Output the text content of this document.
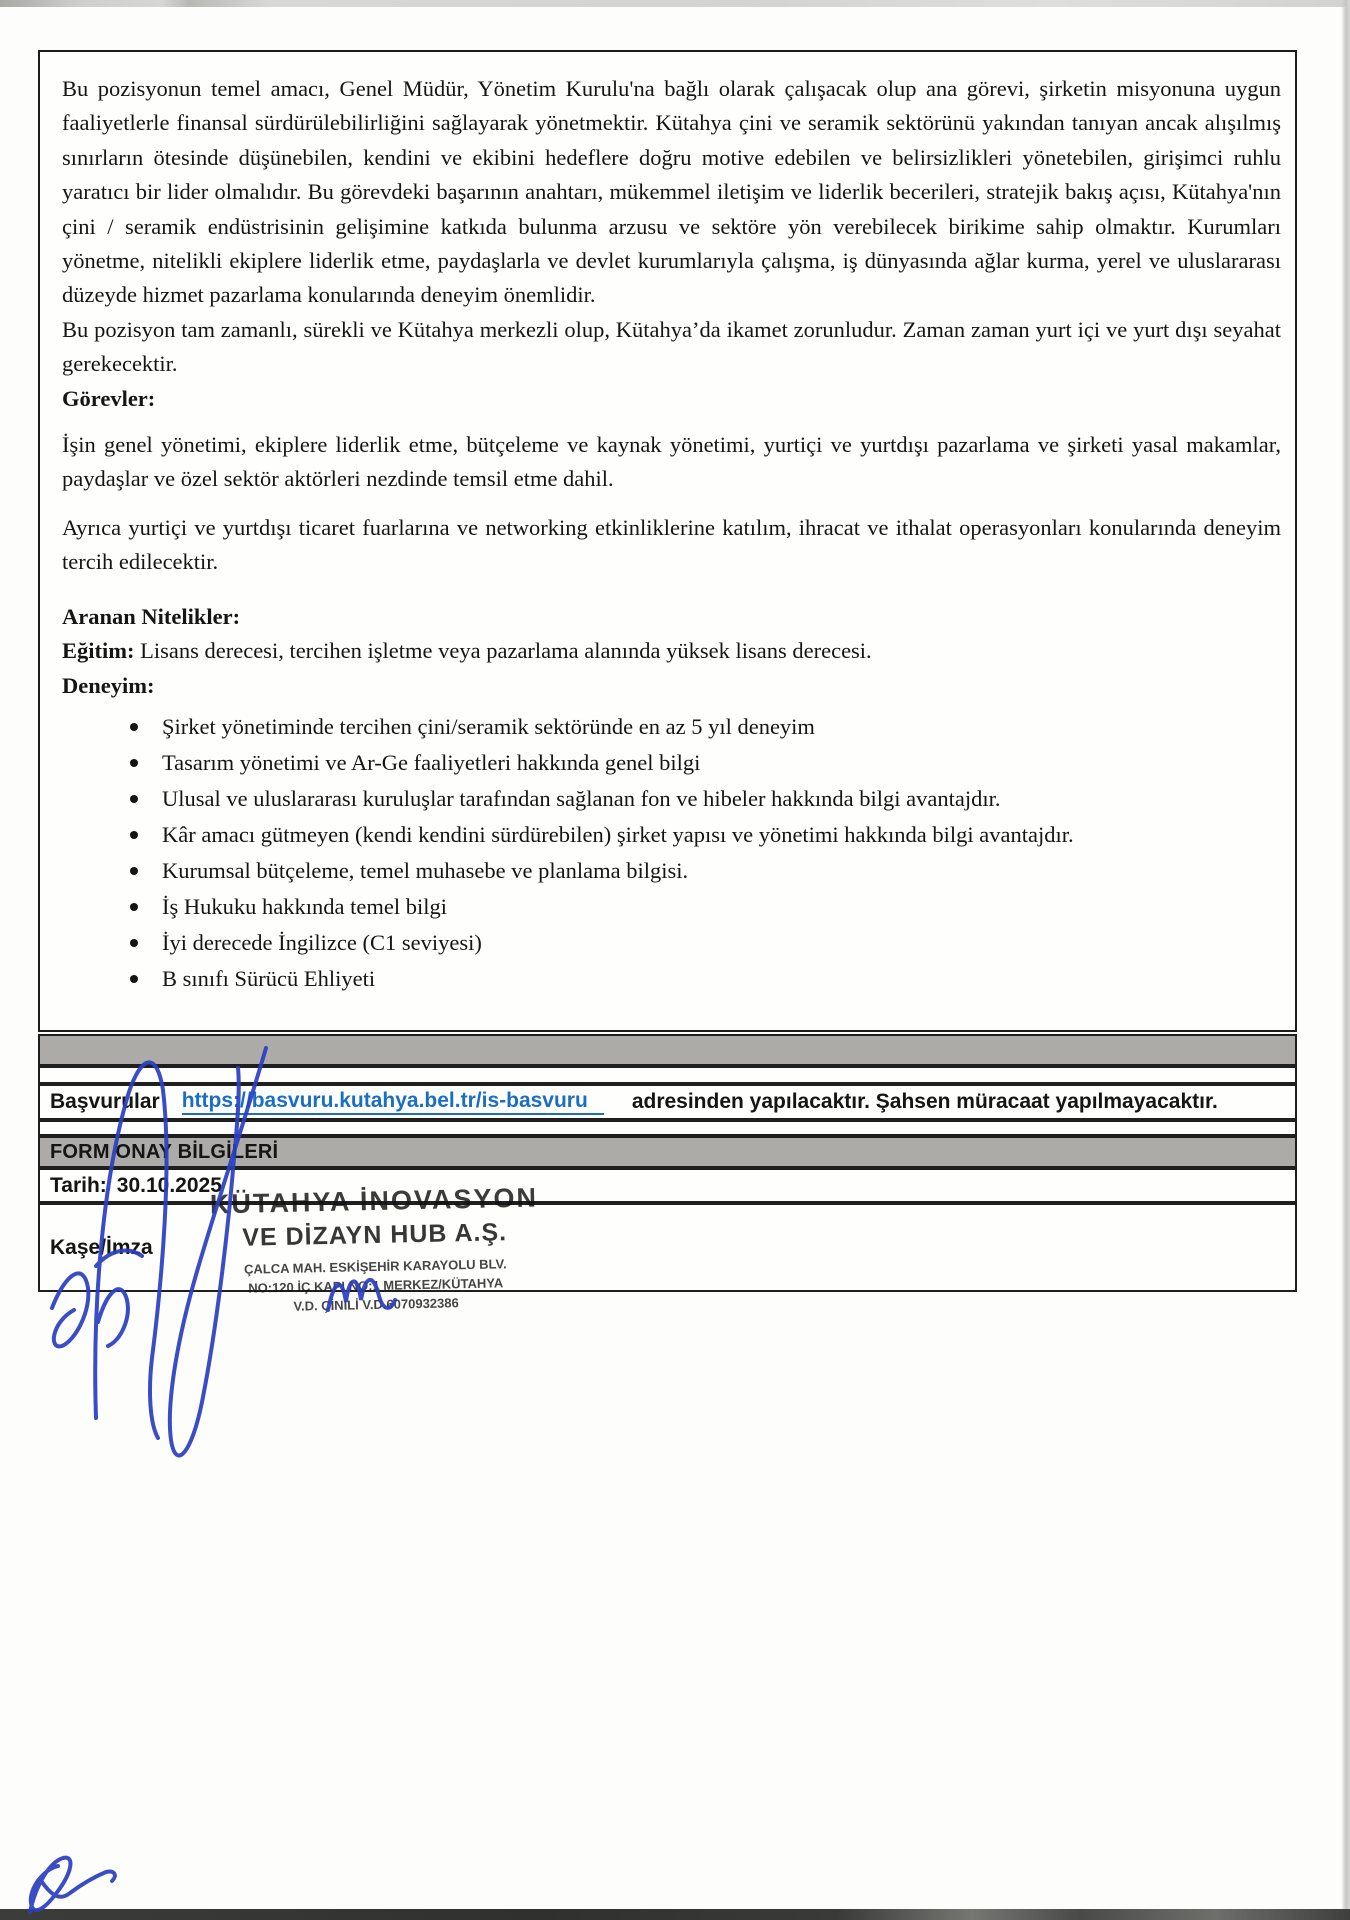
Bu pozisyonun temel amacı, Genel Müdür, Yönetim Kurulu'na bağlı olarak çalışacak olup ana görevi, şirketin misyonuna uygun faaliyetlerle finansal sürdürülebilirliğini sağlayarak yönetmektir. Kütahya çini ve seramik sektörünü yakından tanıyan ancak alışılmış sınırların ötesinde düşünebilen, kendini ve ekibini hedeflere doğru motive edebilen ve belirsizlikleri yönetebilen, girişimci ruhlu yaratıcı bir lider olmalıdır. Bu görevdeki başarının anahtarı, mükemmel iletişim ve liderlik becerileri, stratejik bakış açısı, Kütahya'nın çini / seramik endüstrisinin gelişimine katkıda bulunma arzusu ve sektöre yön verebilecek birikime sahip olmaktır. Kurumları yönetme, nitelikli ekiplere liderlik etme, paydaşlarla ve devlet kurumlarıyla çalışma, iş dünyasında ağlar kurma, yerel ve uluslararası düzeyde hizmet pazarlama konularında deneyim önemlidir.

Bu pozisyon tam zamanlı, sürekli ve Kütahya merkezli olup, Kütahya’da ikamet zorunludur. Zaman zaman yurt içi ve yurt dışı seyahat gerekecektir.

Görevler:

İşin genel yönetimi, ekiplere liderlik etme, bütçeleme ve kaynak yönetimi, yurtiçi ve yurtdışı pazarlama ve şirketi yasal makamlar, paydaşlar ve özel sektör aktörleri nezdinde temsil etme dahil.

Ayrıca yurtiçi ve yurtdışı ticaret fuarlarına ve networking etkinliklerine katılım, ihracat ve ithalat operasyonları konularında deneyim tercih edilecektir.

Aranan Nitelikler:

Eğitim: Lisans derecesi, tercihen işletme veya pazarlama alanında yüksek lisans derecesi.

Deneyim:
Şirket yönetiminde tercihen çini/seramik sektöründe en az 5 yıl deneyim
Tasarım yönetimi ve Ar-Ge faaliyetleri hakkında genel bilgi
Ulusal ve uluslararası kuruluşlar tarafından sağlanan fon ve hibeler hakkında bilgi avantajdır.
Kâr amacı gütmeyen (kendi kendini sürdürebilen) şirket yapısı ve yönetimi hakkında bilgi avantajdır.
Kurumsal bütçeleme, temel muhasebe ve planlama bilgisi.
İş Hukuku hakkında temel bilgi
İyi derecede İngilizce (C1 seviyesi)
B sınıfı Sürücü Ehliyeti
Başvurular https://basvuru.kutahya.bel.tr/is-basvuru	adresinden yapılacaktır. Şahsen müracaat yapılmayacaktır.
FORM ONAY BİLGİLERİ
Tarih: 30.10.2025
Kaşe/İmza
KÜTAHYA İNOVASYON
VE DİZAYN HUB A.Ş.
ÇALCA MAH. ESKİŞEHİR KARAYOLU BLV.
NO:120 İÇ KAPI NO:1 MERKEZ/KÜTAHYA
V.D. ÇİNİLİ V.D.6070932386
